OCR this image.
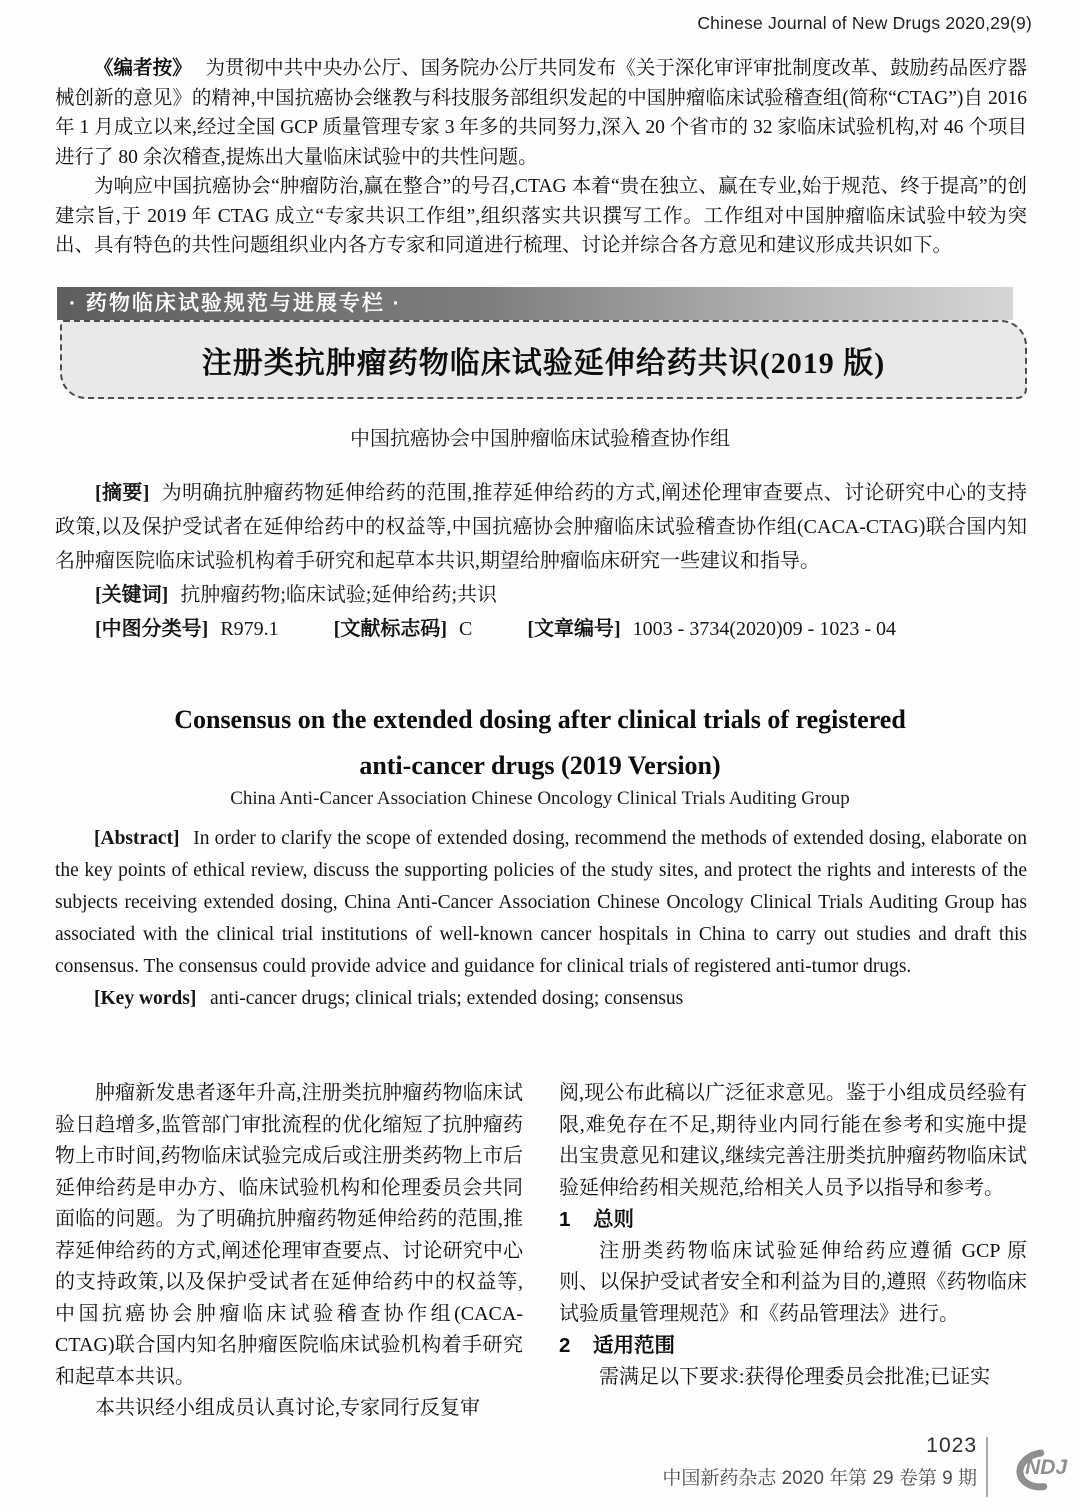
Chinese Journal of New Drugs 2020,29(9)

《编者按》 为贯彻中共中央办公厅、国务院办公厅共同发布《关于深化审评审批制度改革、鼓励药品医疗器械创新的意见》的精神,中国抗癌协会继教与科技服务部组织发起的中国肿瘤临床试验稽查组(简称“CTAG”)自 2016 年 1 月成立以来,经过全国 GCP 质量管理专家 3 年多的共同努力,深入 20 个省市的 32 家临床试验机构,对 46 个项目进行了 80 余次稽查,提炼出大量临床试验中的共性问题。

为响应中国抗癌协会“肿瘤防治,赢在整合”的号召,CTAG 本着“贵在独立、赢在专业,始于规范、终于提高”的创建宗旨,于 2019 年 CTAG 成立“专家共识工作组”,组织落实共识撰写工作。工作组对中国肿瘤临床试验中较为突出、具有特色的共性问题组织业内各方专家和同道进行梳理、讨论并综合各方意见和建议形成共识如下。

· 药物临床试验规范与进展专栏 ·
注册类抗肿瘤药物临床试验延伸给药共识(2019 版)
中国抗癌协会中国肿瘤临床试验稽查协作组

[摘要] 为明确抗肿瘤药物延伸给药的范围,推荐延伸给药的方式,阐述伦理审查要点、讨论研究中心的支持政策,以及保护受试者在延伸给药中的权益等,中国抗癌协会肿瘤临床试验稽查协作组(CACA-CTAG)联合国内知名肿瘤医院临床试验机构着手研究和起草本共识,期望给肿瘤临床研究一些建议和指导。

[关键词] 抗肿瘤药物;临床试验;延伸给药;共识

[中图分类号] R979.1	[文献标志码] C	[文章编号] 1003 - 3734(2020)09 - 1023 - 04

Consensus on the extended dosing after clinical trials of registered
anti-cancer drugs (2019 Version)
China Anti-Cancer Association Chinese Oncology Clinical Trials Auditing Group

[Abstract] In order to clarify the scope of extended dosing, recommend the methods of extended dosing, elaborate on the key points of ethical review, discuss the supporting policies of the study sites, and protect the rights and interests of the subjects receiving extended dosing, China Anti-Cancer Association Chinese Oncology Clinical Trials Auditing Group has associated with the clinical trial institutions of well-known cancer hospitals in China to carry out studies and draft this consensus. The consensus could provide advice and guidance for clinical trials of registered anti-tumor drugs.

[Key words] anti-cancer drugs; clinical trials; extended dosing; consensus

肿瘤新发患者逐年升高,注册类抗肿瘤药物临床试验日趋增多,监管部门审批流程的优化缩短了抗肿瘤药物上市时间,药物临床试验完成后或注册类药物上市后延伸给药是申办方、临床试验机构和伦理委员会共同面临的问题。为了明确抗肿瘤药物延伸给药的范围,推荐延伸给药的方式,阐述伦理审查要点、讨论研究中心的支持政策,以及保护受试者在延伸给药中的权益等,中国抗癌协会肿瘤临床试验稽查协作组(CACA-CTAG)联合国内知名肿瘤医院临床试验机构着手研究和起草本共识。

本共识经小组成员认真讨论,专家同行反复审

阅,现公布此稿以广泛征求意见。鉴于小组成员经验有限,难免存在不足,期待业内同行能在参考和实施中提出宝贵意见和建议,继续完善注册类抗肿瘤药物临床试验延伸给药相关规范,给相关人员予以指导和参考。

1 总则

注册类药物临床试验延伸给药应遵循 GCP 原则、以保护受试者安全和利益为目的,遵照《药物临床试验质量管理规范》和《药品管理法》进行。

2 适用范围

需满足以下要求:获得伦理委员会批准;已证实

1023
中国新药杂志 2020 年第 29 卷第 9 期 NDJ
